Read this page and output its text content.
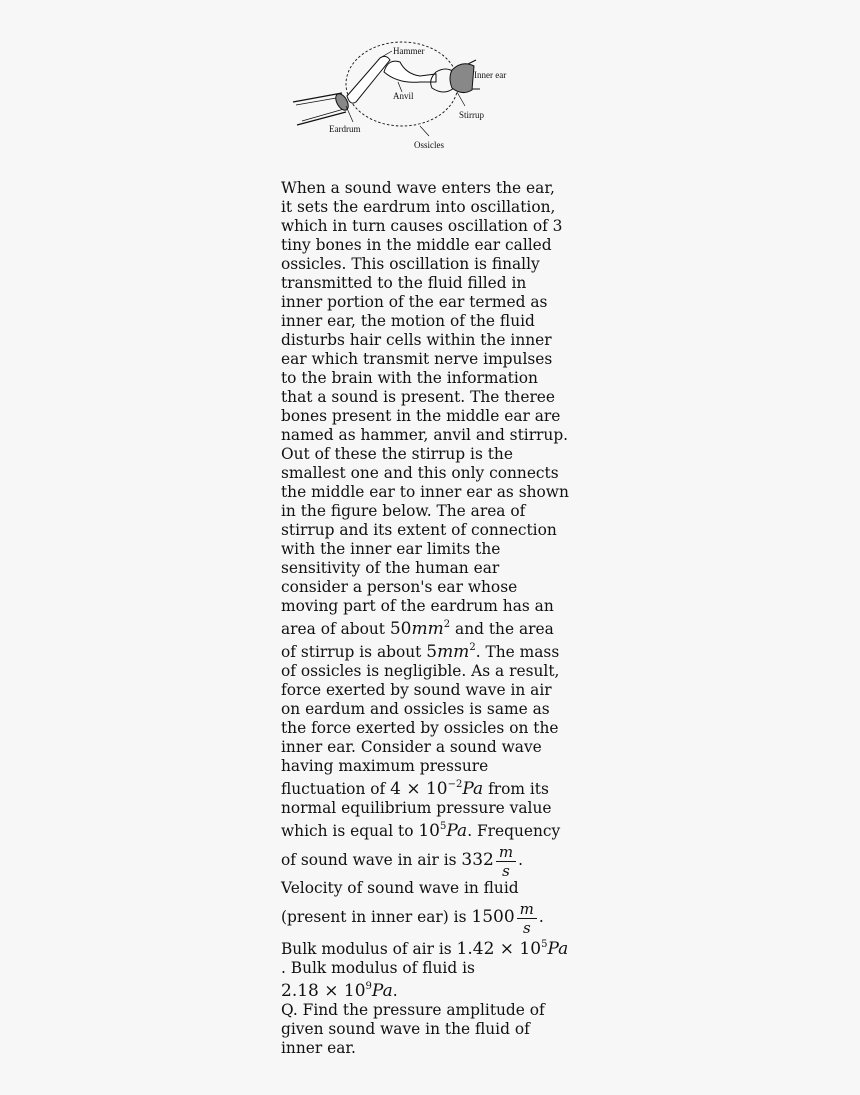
Hammer
Inner ear
Anvil
Stirrup
Eardrum
Ossicles
When a sound wave enters the ear,
it sets the eardrum into oscillation,
which in turn causes oscillation of 3
tiny bones in the middle ear called
ossicles. This oscillation is finally
transmitted to the fluid filled in
inner portion of the ear termed as
inner ear, the motion of the fluid
disturbs hair cells within the inner
ear which transmit nerve impulses
to the brain with the information
that a sound is present. The theree
bones present in the middle ear are
named as hammer, anvil and stirrup.
Out of these the stirrup is the
smallest one and this only connects
the middle ear to inner ear as shown
in the figure below. The area of
stirrup and its extent of connection
with the inner ear limits the
sensitivity of the human ear
consider a person's ear whose
moving part of the eardrum has an
area of about $50mm^2$ and the area
of stirrup is about $5mm^2$. The mass
of ossicles is negligible. As a result,
force exerted by sound wave in air
on eardum and ossicles is same as
the force exerted by ossicles on the
inner ear. Consider a sound wave
having maximum pressure
fluctuation of $4 \times 10^{-2}Pa$ from its
normal equilibrium pressure value
which is equal to $10^5Pa$. Frequency
of sound wave in air is $332 \frac{m}{s}$ .
Velocity of sound wave in fluid
(present in inner ear) is $1500 \frac{m}{s}$ .
Bulk modulus of air is $1.42 \times 10^5Pa$
. Bulk modulus of fluid is
$2.18 \times 10^9Pa$.
Q. Find the pressure amplitude of
given sound wave in the fluid of
inner ear.
